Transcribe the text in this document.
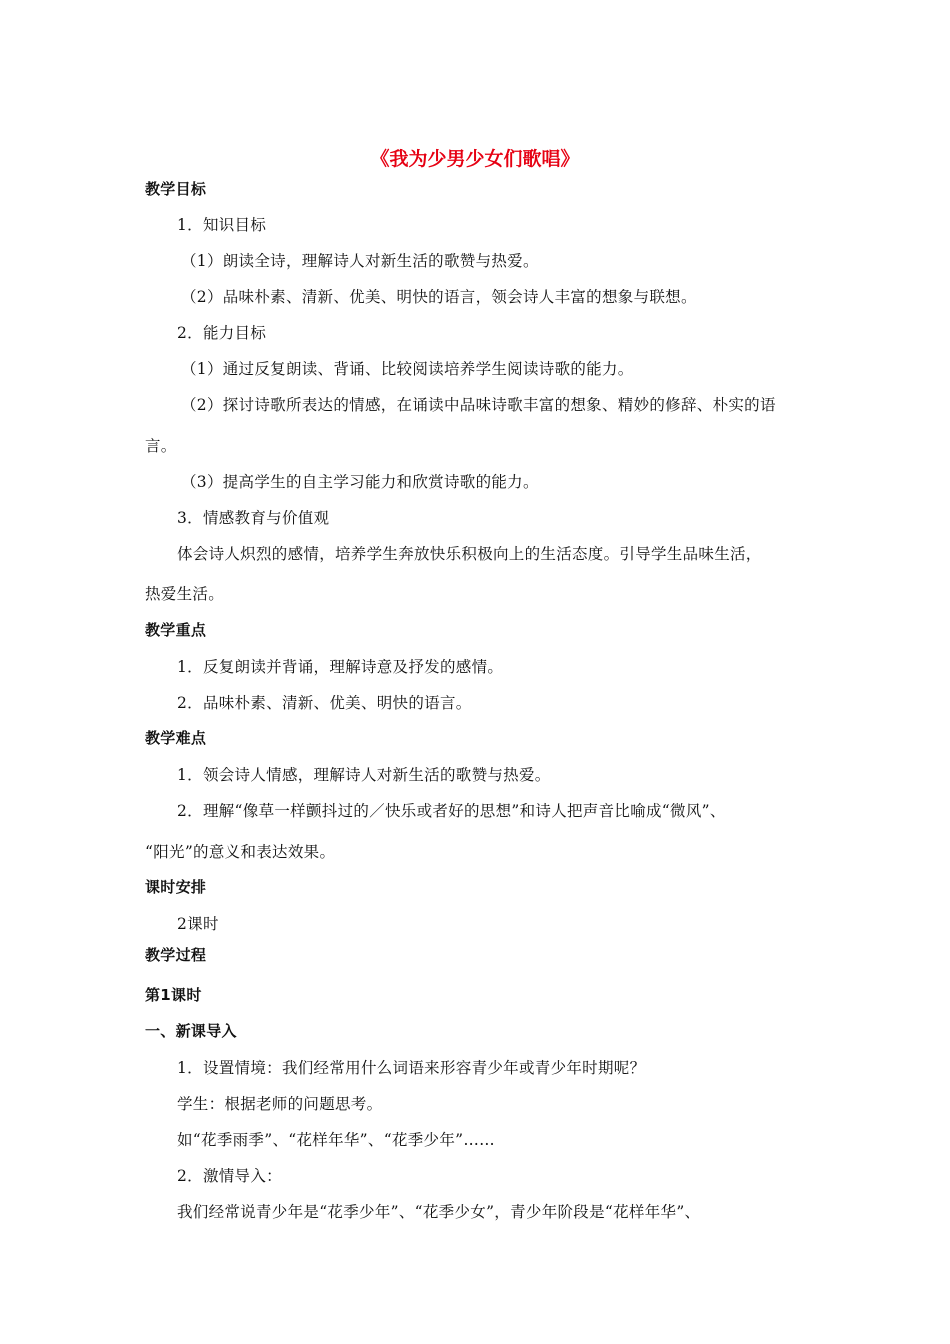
《我为少男少女们歌唱》
教学目标
1．知识目标
（1）朗读全诗，理解诗人对新生活的歌赞与热爱。
（2）品味朴素、清新、优美、明快的语言，领会诗人丰富的想象与联想。
2．能力目标
（1）通过反复朗读、背诵、比较阅读培养学生阅读诗歌的能力。
（2）探讨诗歌所表达的情感，在诵读中品味诗歌丰富的想象、精妙的修辞、朴实的语
言。
（3）提高学生的自主学习能力和欣赏诗歌的能力。
3．情感教育与价值观
体会诗人炽烈的感情，培养学生奔放快乐积极向上的生活态度。引导学生品味生活，
热爱生活。
教学重点
1．反复朗读并背诵，理解诗意及抒发的感情。
2．品味朴素、清新、优美、明快的语言。
教学难点
1．领会诗人情感，理解诗人对新生活的歌赞与热爱。
2．理解“像草一样颤抖过的／快乐或者好的思想”和诗人把声音比喻成“微风”、
“阳光”的意义和表达效果。
课时安排
2课时
教学过程
第1课时
一、新课导入
1．设置情境：我们经常用什么词语来形容青少年或青少年时期呢？
学生：根据老师的问题思考。
如“花季雨季”、“花样年华”、“花季少年”……
2．激情导入：
我们经常说青少年是“花季少年”、“花季少女”，青少年阶段是“花样年华”、
